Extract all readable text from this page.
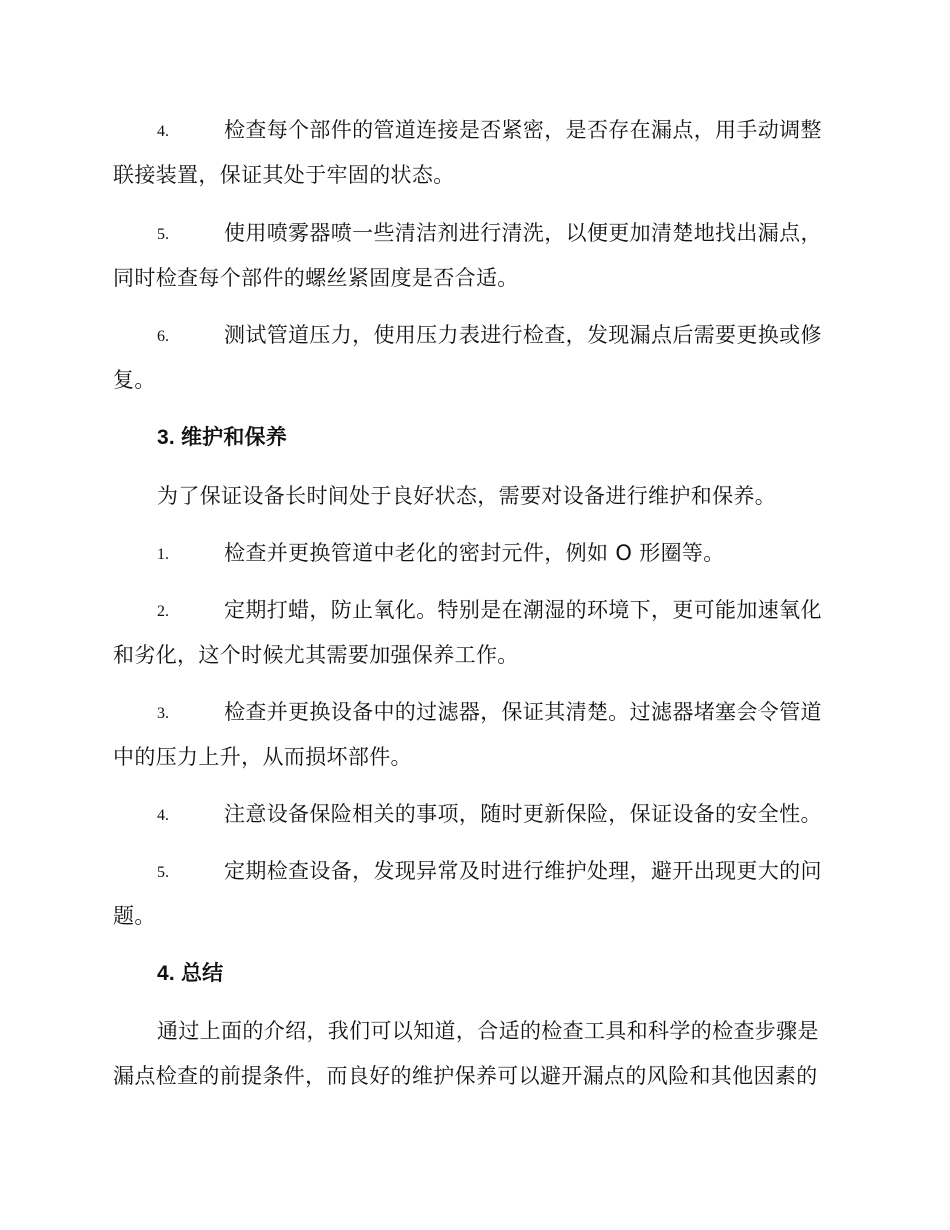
4.	检查每个部件的管道连接是否紧密，是否存在漏点，用手动调整
联接装置，保证其处于牢固的状态。
5.	使用喷雾器喷一些清洁剂进行清洗，以便更加清楚地找出漏点，
同时检查每个部件的螺丝紧固度是否合适。
6.	测试管道压力，使用压力表进行检查，发现漏点后需要更换或修
复。
3. 维护和保养
为了保证设备长时间处于良好状态，需要对设备进行维护和保养。
1.	检查并更换管道中老化的密封元件，例如 O 形圈等。
2.	定期打蜡，防止氧化。特别是在潮湿的环境下，更可能加速氧化
和劣化，这个时候尤其需要加强保养工作。
3.	检查并更换设备中的过滤器，保证其清楚。过滤器堵塞会令管道
中的压力上升，从而损坏部件。
4.	注意设备保险相关的事项，随时更新保险，保证设备的安全性。
5.	定期检查设备，发现异常及时进行维护处理，避开出现更大的问
题。
4. 总结
通过上面的介绍，我们可以知道，合适的检查工具和科学的检查步骤是
漏点检查的前提条件，而良好的维护保养可以避开漏点的风险和其他因素的
